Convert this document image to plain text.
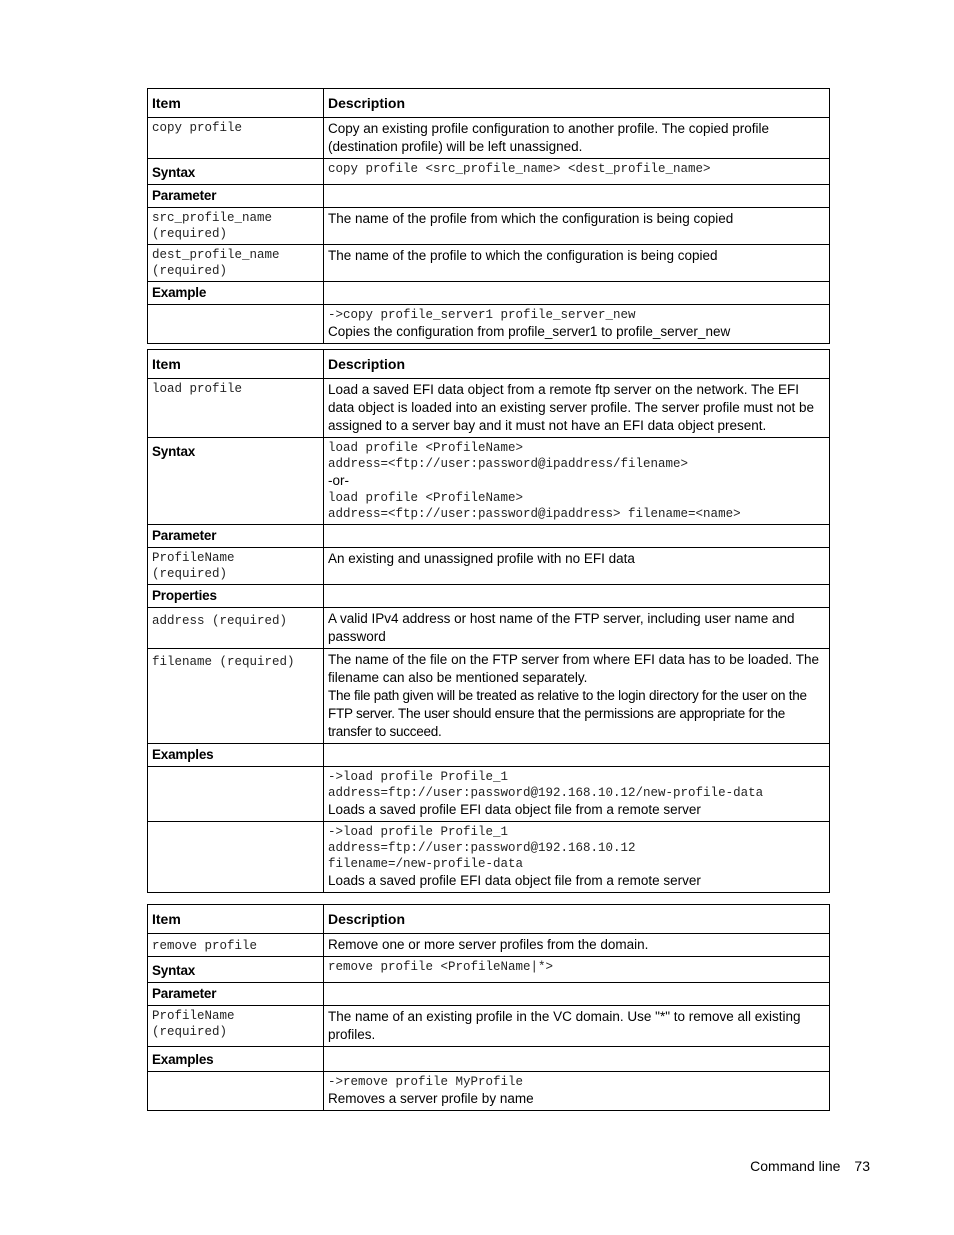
Item	Description

copy profile	Copy an existing profile configuration to another profile. The copied profile (destination profile) will be left unassigned.

Syntax	copy profile <src_profile_name> <dest_profile_name>

Parameter	

src_profile_name
(required)	The name of the profile from which the configuration is being copied

dest_profile_name
(required)	The name of the profile to which the configuration is being copied

Example	

	->copy profile_server1 profile_server_new
Copies the configuration from profile_server1 to profile_server_new
Item	Description

load profile	Load a saved EFI data object from a remote ftp server on the network. The EFI data object is loaded into an existing server profile. The server profile must not be assigned to a server bay and it must not have an EFI data object present.

Syntax	load profile <ProfileName>
address=<ftp://user:password@ipaddress/filename>
-or-
load profile <ProfileName>
address=<ftp://user:password@ipaddress> filename=<name>

Parameter	

ProfileName
(required)	An existing and unassigned profile with no EFI data

Properties	

address (required)	A valid IPv4 address or host name of the FTP server, including user name and password

filename (required)	The name of the file on the FTP server from where EFI data has to be loaded. The filename can also be mentioned separately.
The file path given will be treated as relative to the login directory for the user on the FTP server. The user should ensure that the permissions are appropriate for the transfer to succeed.

Examples	

	->load profile Profile_1
address=ftp://user:password@192.168.10.12/new-profile-data
Loads a saved profile EFI data object file from a remote server

	->load profile Profile_1
address=ftp://user:password@192.168.10.12
filename=/new-profile-data
Loads a saved profile EFI data object file from a remote server
Item	Description

remove profile	Remove one or more server profiles from the domain.

Syntax	remove profile <ProfileName|*>

Parameter	

ProfileName
(required)	The name of an existing profile in the VC domain. Use "*" to remove all existing profiles.

Examples	

	->remove profile MyProfile
Removes a server profile by name
Command line 73
